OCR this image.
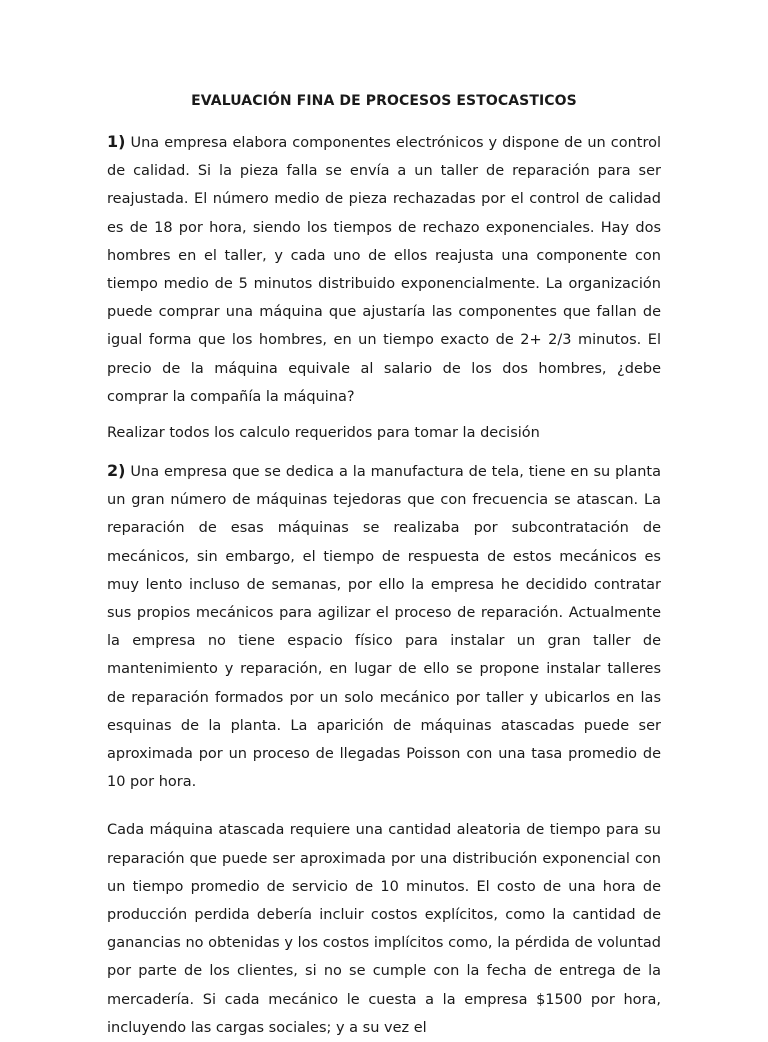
EVALUACIÓN FINA DE PROCESOS ESTOCASTICOS

1) Una empresa elabora componentes electrónicos y dispone de un control de calidad. Si la pieza falla se envía a un taller de reparación para ser reajustada. El número medio de pieza rechazadas por el control de calidad es de 18 por hora, siendo los tiempos de rechazo exponenciales. Hay dos hombres en el taller, y cada uno de ellos reajusta una componente con tiempo medio de 5 minutos distribuido exponencialmente. La organización puede comprar una máquina que ajustaría las componentes que fallan de igual forma que los hombres, en un tiempo exacto de 2+ 2/3 minutos. El precio de la máquina equivale al salario de los dos hombres, ¿debe comprar la compañía la máquina?

Realizar todos los calculo requeridos para tomar la decisión

2) Una empresa que se dedica a la manufactura de tela, tiene en su planta un gran número de máquinas tejedoras que con frecuencia se atascan. La reparación de esas máquinas se realizaba por subcontratación de mecánicos, sin embargo, el tiempo de respuesta de estos mecánicos es muy lento incluso de semanas, por ello la empresa he decidido contratar sus propios mecánicos para agilizar el proceso de reparación. Actualmente la empresa no tiene espacio físico para instalar un gran taller de mantenimiento y reparación, en lugar de ello se propone instalar talleres de reparación formados por un solo mecánico por taller y ubicarlos en las esquinas de la planta. La aparición de máquinas atascadas puede ser aproximada por un proceso de llegadas Poisson con una tasa promedio de 10 por hora.

Cada máquina atascada requiere una cantidad aleatoria de tiempo para su reparación que puede ser aproximada por una distribución exponencial con un tiempo promedio de servicio de 10 minutos. El costo de una hora de producción perdida debería incluir costos explícitos, como la cantidad de ganancias no obtenidas y los costos implícitos como, la pérdida de voluntad por parte de los clientes, si no se cumple con la fecha de entrega de la mercadería. Si cada mecánico le cuesta a la empresa $1500 por hora, incluyendo las cargas sociales; y a su vez el
